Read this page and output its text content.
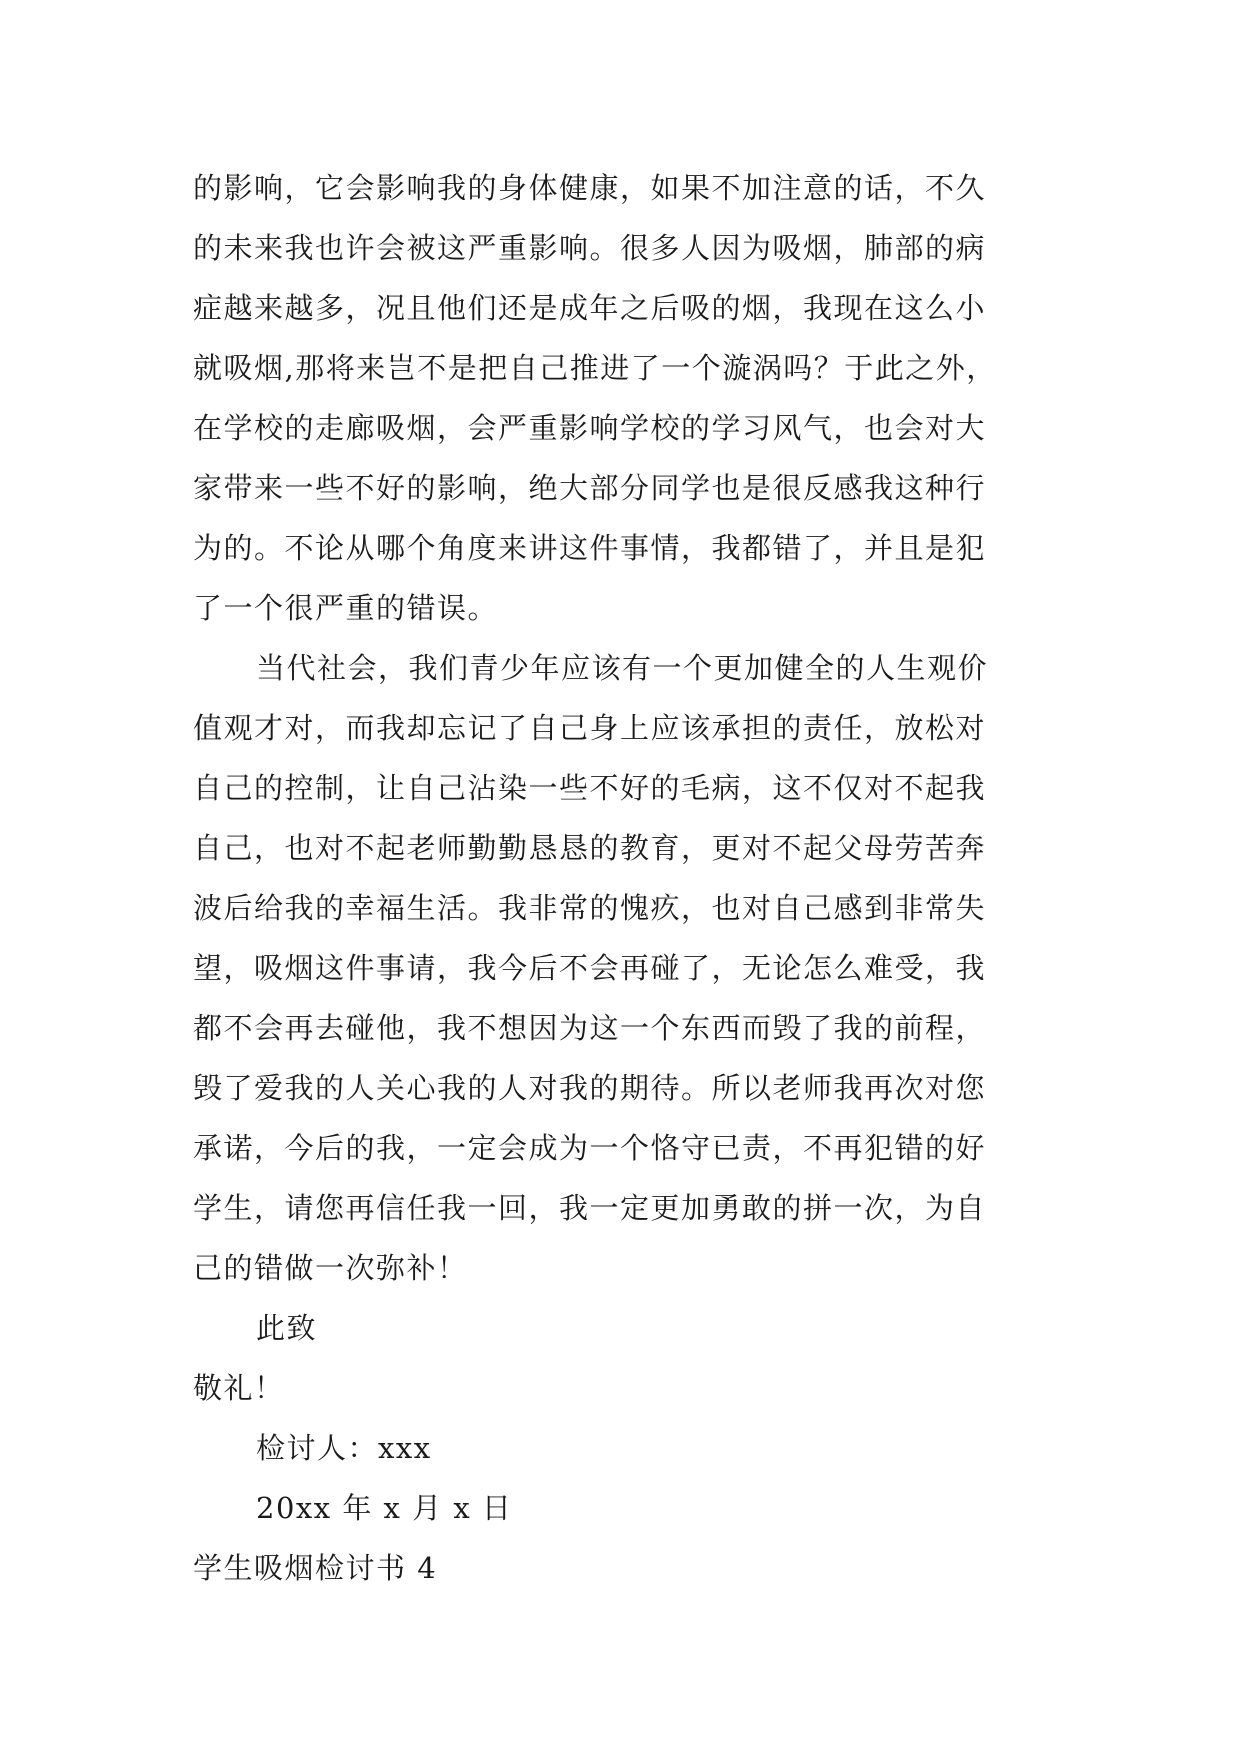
的影响，它会影响我的身体健康，如果不加注意的话，不久
的未来我也许会被这严重影响。很多人因为吸烟，肺部的病
症越来越多，况且他们还是成年之后吸的烟，我现在这么小
就吸烟,那将来岂不是把自己推进了一个漩涡吗？于此之外，
在学校的走廊吸烟，会严重影响学校的学习风气，也会对大
家带来一些不好的影响，绝大部分同学也是很反感我这种行
为的。不论从哪个角度来讲这件事情，我都错了，并且是犯
了一个很严重的错误。
当代社会，我们青少年应该有一个更加健全的人生观价
值观才对，而我却忘记了自己身上应该承担的责任，放松对
自己的控制，让自己沾染一些不好的毛病，这不仅对不起我
自己，也对不起老师勤勤恳恳的教育，更对不起父母劳苦奔
波后给我的幸福生活。我非常的愧疚，也对自己感到非常失
望，吸烟这件事请，我今后不会再碰了，无论怎么难受，我
都不会再去碰他，我不想因为这一个东西而毁了我的前程，
毁了爱我的人关心我的人对我的期待。所以老师我再次对您
承诺，今后的我，一定会成为一个恪守已责，不再犯错的好
学生，请您再信任我一回，我一定更加勇敢的拼一次，为自
己的错做一次弥补！
此致
敬礼！
检讨人：xxx
20xx 年 x 月 x 日
学生吸烟检讨书 4
